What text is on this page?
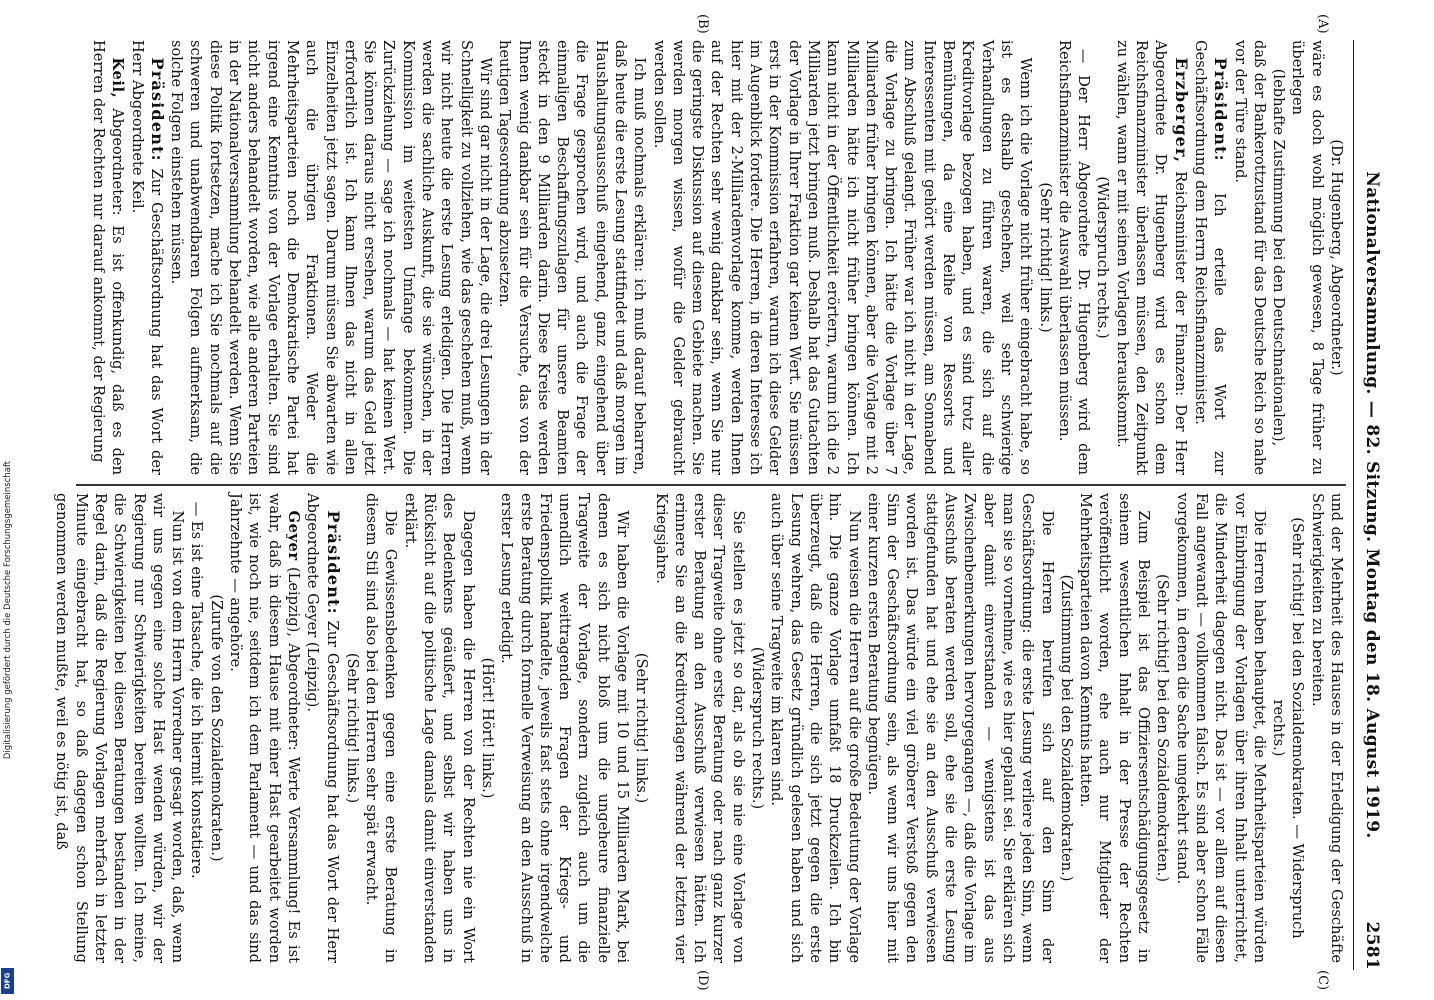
Digitalisierung gefördert durch die Deutsche Forschungsgemeinschaft
DFG
Nationalversammlung. — 82. Sitzung. Montag den 18. August 1919.
2581
(A)
(B)
(C)
(D)

(Dr. Hugenberg, Abgeordneter.)

wäre es doch wohl möglich gewesen, 8 Tage früher zu überlegen

(lebhafte Zustimmung bei den Deutschnationalen),

daß der Bankerottzustand für das Deutsche Reich so nahe vor der Türe stand.

Präsident: Ich erteile das Wort zur Geschäftsordnung dem Herrn Reichsfinanzminister.

Erzberger, Reichsminister der Finanzen: Der Herr Abgeordnete Dr. Hugenberg wird es schon dem Reichsfinanzminister überlassen müssen, den Zeitpunkt zu wählen, wann er mit seinen Vorlagen herauskommt.

(Widerspruch rechts.)

— Der Herr Abgeordnete Dr. Hugenberg wird dem Reichsfinanzminister die Auswahl überlassen müssen.

(Sehr richtig! links.)

Wenn ich die Vorlage nicht früher eingebracht habe, so ist es deshalb geschehen, weil sehr schwierige Verhandlungen zu führen waren, die sich auf die Kreditvorlage bezogen haben, und es sind trotz aller Bemühungen, da eine Reihe von Ressorts und Interessenten mit gehört werden müssen, am Sonnabend zum Abschluß gelangt. Früher war ich nicht in der Lage, die Vorlage zu bringen. Ich hätte die Vorlage über 7 Milliarden früher bringen können, aber die Vorlage mit 2 Milliarden hätte ich nicht früher bringen können. Ich kann nicht in der Öffentlichkeit erörtern, warum ich die 2 Milliarden jetzt bringen muß. Deshalb hat das Gutachten der Vorlage in Ihrer Fraktion gar keinen Wert. Sie müssen erst in der Kommission erfahren, warum ich diese Gelder im Augenblick fordere. Die Herren, in deren Interesse ich hier mit der 2-Milliardenvorlage komme, werden Ihnen auf der Rechten sehr wenig dankbar sein, wenn Sie nur die geringste Diskussion auf diesem Gebiete machen. Sie werden morgen wissen, wofür die Gelder gebraucht werden sollen.

Ich muß nochmals erklären: ich muß darauf beharren, daß heute die erste Lesung stattfindet und daß morgen im Haushaltungsausschuß eingehend, ganz eingehend über die Frage gesprochen wird, und auch die Frage der einmaligen Beschaffungszulagen für unsere Beamten steckt in den 9 Milliarden darin. Diese Kreise werden Ihnen wenig dankbar sein für die Versuche, das von der heutigen Tagesordnung abzusetzen.

Wir sind gar nicht in der Lage, die drei Lesungen in der Schnelligkeit zu vollziehen, wie das geschehen muß, wenn wir nicht heute die erste Lesung erledigen. Die Herren werden die sachliche Auskunft, die sie wünschen, in der Kommission im weitesten Umfange bekommen. Die Zurückziehung — sage ich nochmals — hat keinen Wert. Sie können daraus nicht ersehen, warum das Geld jetzt erforderlich ist. Ich kann Ihnen das nicht in allen Einzelheiten jetzt sagen. Darum müssen Sie abwarten wie auch die übrigen Fraktionen. Weder die Mehrheitsparteien noch die Demokratische Partei hat irgend eine Kenntnis von der Vorlage erhalten. Sie sind nicht anders behandelt worden, wie alle anderen Parteien in der Nationalversammlung behandelt werden. Wenn Sie diese Politik fortsetzen, mache ich Sie nochmals auf die schweren und unabwendbaren Folgen aufmerksam, die solche Folgen einstehen müssen.

Präsident: Zur Geschäftsordnung hat das Wort der Herr Abgeordnete Keil.

Keil, Abgeordneter: Es ist offenkundig, daß es den Herren der Rechten nur darauf ankommt, der Regierung

und der Mehrheit des Hauses in der Erledigung der Geschäfte Schwierigkeiten zu bereiten.

(Sehr richtig! bei den Sozialdemokraten. — Widerspruch rechts.)

Die Herren haben behauptet, die Mehrheitsparteien würden vor Einbringung der Vorlagen über ihren Inhalt unterrichtet, die Minderheit dagegen nicht. Das ist — vor allem auf diesen Fall angewandt — vollkommen falsch. Es sind aber schon Fälle vorgekommen, in denen die Sache umgekehrt stand.

(Sehr richtig! bei den Sozialdemokraten.)

Zum Beispiel ist das Offiziersentschädigungsgesetz in seinem wesentlichen Inhalt in der Presse der Rechten veröffentlicht worden, ehe auch nur Mitglieder der Mehrheitsparteien davon Kenntnis hatten.

(Zustimmung bei den Sozialdemokraten.)

Die Herren berufen sich auf den Sinn der Geschäftsordnung: die erste Lesung verliere jeden Sinn, wenn man sie so vornehme, wie es hier geplant sei. Sie erklären sich aber damit einverstanden — wenigstens ist das aus Zwischenbemerkungen hervorgegangen —, daß die Vorlage im Ausschuß beraten werden soll, ehe sie die erste Lesung stattgefunden hat und ehe sie an den Ausschuß verwiesen worden ist. Das würde ein viel gröberer Verstoß gegen den Sinn der Geschäftsordnung sein, als wenn wir uns hier mit einer kurzen ersten Beratung begnügen.

Nun weisen die Herren auf die große Bedeutung der Vorlage hin. Die ganze Vorlage umfaßt 18 Druckzeilen. Ich bin überzeugt, daß die Herren, die sich jetzt gegen die erste Lesung wehren, das Gesetz gründlich gelesen haben und sich auch über seine Tragweite im klaren sind.

(Widerspruch rechts.)

Sie stellen es jetzt so dar, als ob sie nie eine Vorlage von dieser Tragweite ohne erste Beratung oder nach ganz kurzer erster Beratung an den Ausschuß verwiesen hätten. Ich erinnere Sie an die Kreditvorlagen während der letzten vier Kriegsjahre.

(Sehr richtig! links.)

Wir haben die Vorlage mit 10 und 15 Milliarden Mark, bei denen es sich nicht bloß um die ungeheure finanzielle Tragweite der Vorlage, sondern zugleich auch um die unendlich weittragenden Fragen der Kriegs- und Friedenspolitik handelte, jeweils fast stets ohne irgendwelche erste Beratung durch formelle Verweisung an den Ausschuß in erster Lesung erledigt.

(Hört! Hört! links.)

Dagegen haben die Herren von der Rechten nie ein Wort des Bedenkens geäußert, und selbst wir haben uns in Rücksicht auf die politische Lage damals damit einverstanden erklärt.

Die Gewissensbedenken gegen eine erste Beratung in diesem Stil sind also bei den Herren sehr spät erwacht.

(Sehr richtig! links.)

Präsident: Zur Geschäftsordnung hat das Wort der Herr Abgeordnete Geyer (Leipzig).

Geyer (Leipzig), Abgeordneter: Werte Versammlung! Es ist wahr, daß in diesem Hause mit einer Hast gearbeitet worden ist, wie noch nie, seitdem ich dem Parlament — und das sind Jahrzehnte — angehöre.

(Zurufe von den Sozialdemokraten.)

— Es ist eine Tatsache, die ich hiermit konstatiere.

Nun ist von dem Herrn Vorredner gesagt worden, daß, wenn wir uns gegen eine solche Hast wenden würden, wir der Regierung nur Schwierigkeiten bereiten wollten. Ich meine, die Schwierigkeiten bei diesen Beratungen bestanden in der Regel darin, daß die Regierung Vorlagen mehrfach in letzter Minute eingebracht hat, so daß dagegen schon Stellung genommen werden mußte, weil es nötig ist, daß
